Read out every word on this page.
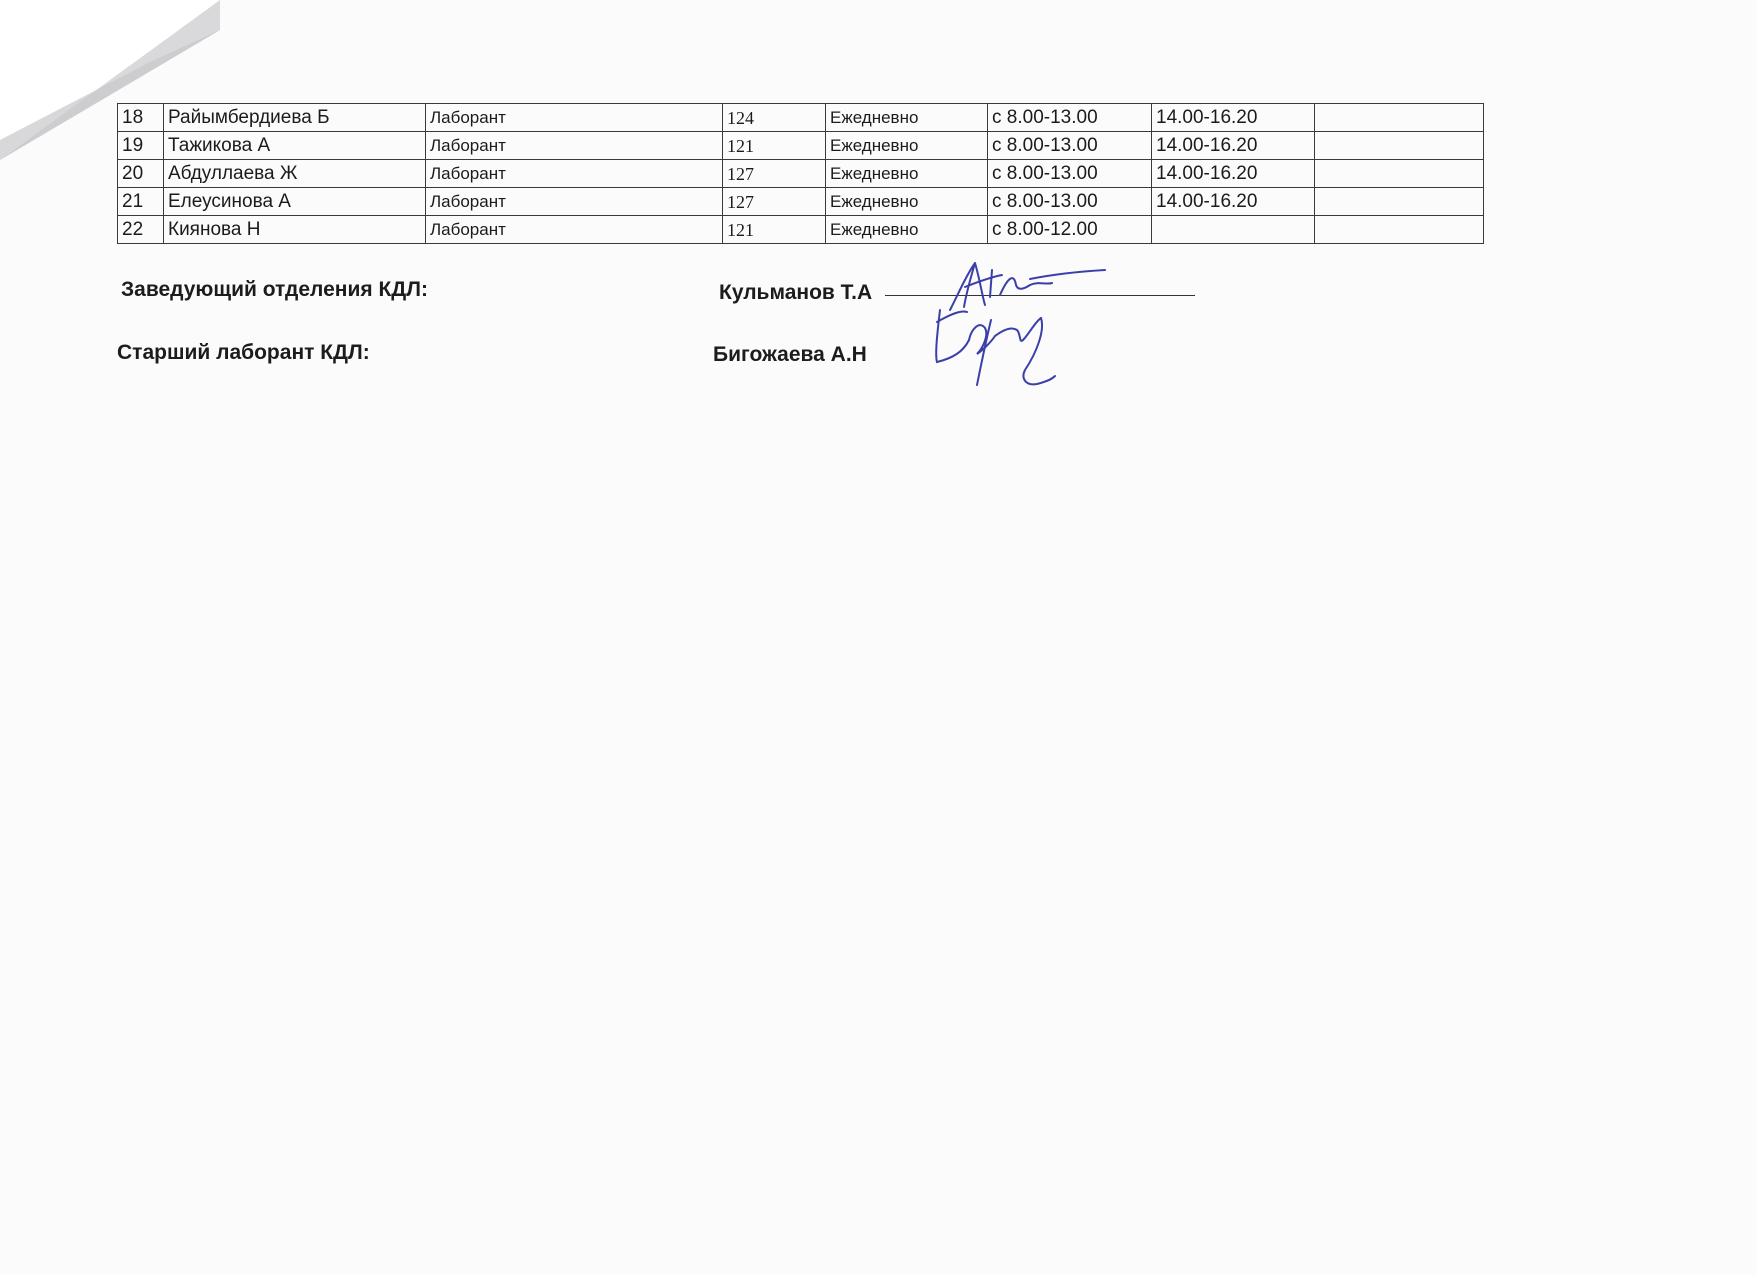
18	Райымбердиева Б	Лаборант	124	Ежедневно	с 8.00-13.00	14.00-16.20	
19	Тажикова А	Лаборант	121	Ежедневно	с 8.00-13.00	14.00-16.20	
20	Абдуллаева Ж	Лаборант	127	Ежедневно	с 8.00-13.00	14.00-16.20	
21	Елеусинова А	Лаборант	127	Ежедневно	с 8.00-13.00	14.00-16.20	
22	Киянова Н	Лаборант	121	Ежедневно	с 8.00-12.00		
Заведующий отделения КДЛ:	Кульманов Т.А
Старший лаборант КДЛ:	Бигожаева А.Н
